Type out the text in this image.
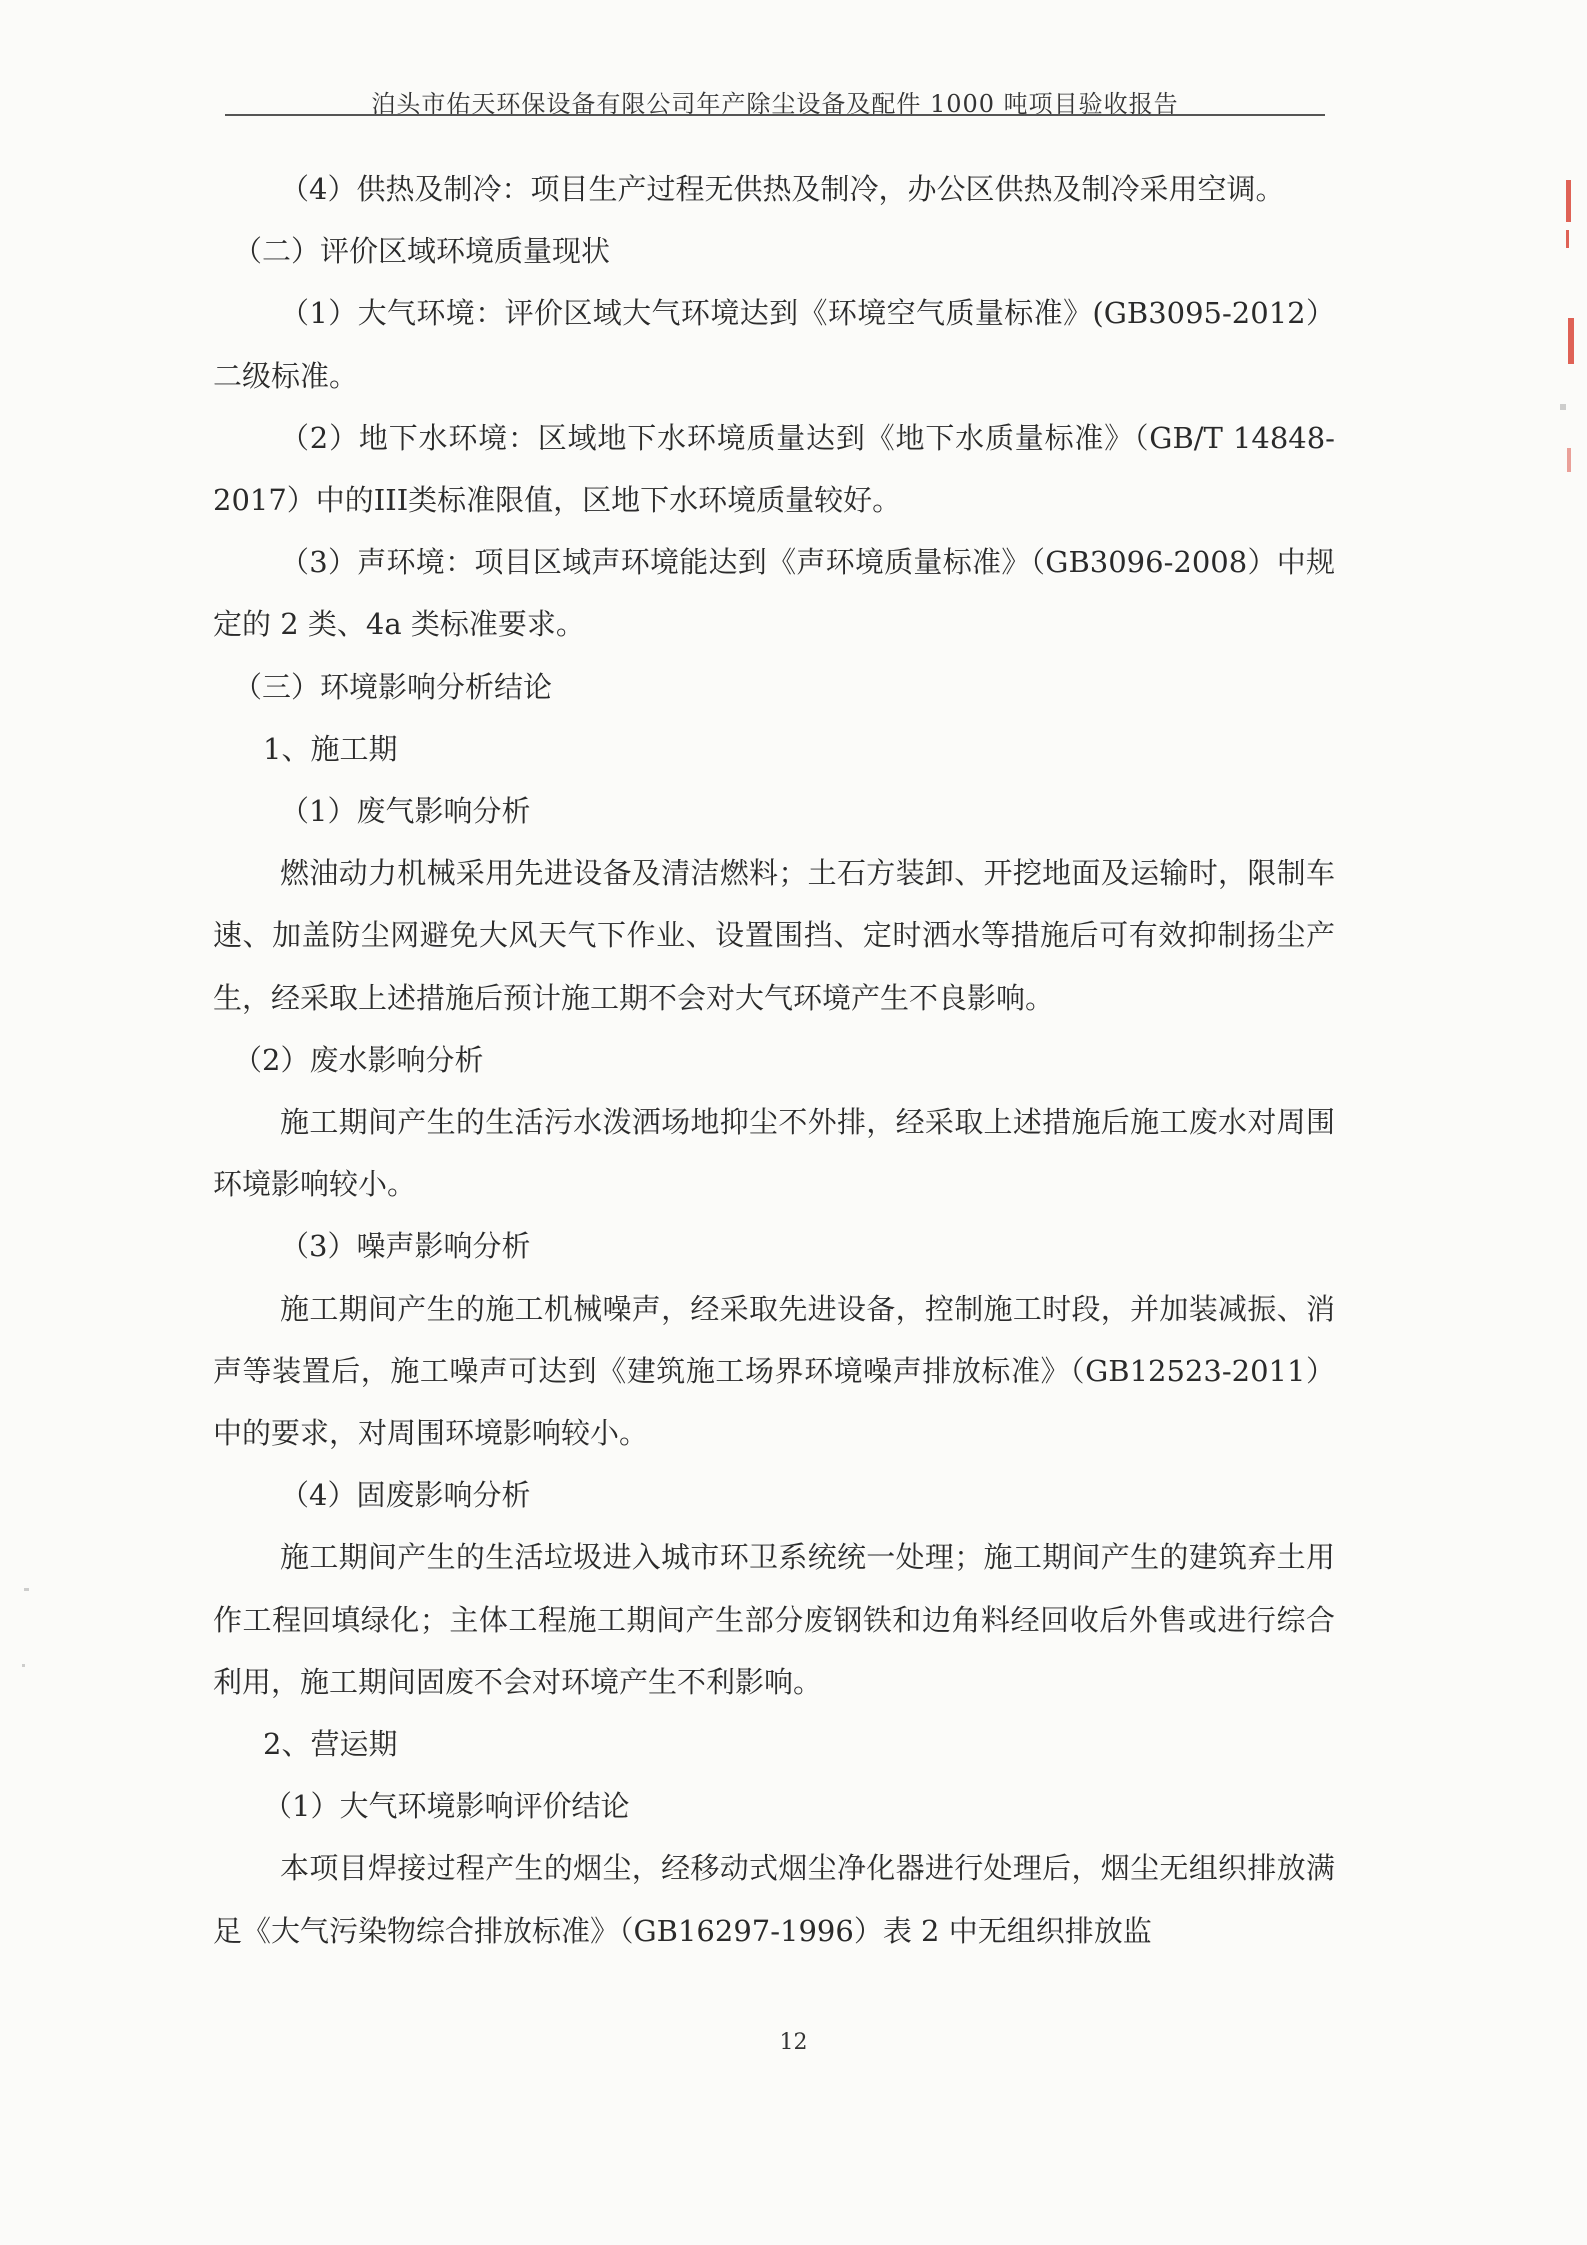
泊头市佑天环保设备有限公司年产除尘设备及配件 1000 吨项目验收报告

（4）供热及制冷：项目生产过程无供热及制冷，办公区供热及制冷采用空调。

（二）评价区域环境质量现状

（1）大气环境：评价区域大气环境达到《环境空气质量标准》(GB3095-2012）二级标准。

（2）地下水环境：区域地下水环境质量达到《地下水质量标准》（GB/T 14848-2017）中的III类标准限值，区地下水环境质量较好。

（3）声环境：项目区域声环境能达到《声环境质量标准》（GB3096-2008）中规定的 2 类、4a 类标准要求。

（三）环境影响分析结论

1、施工期

（1）废气影响分析

燃油动力机械采用先进设备及清洁燃料；土石方装卸、开挖地面及运输时，限制车速、加盖防尘网避免大风天气下作业、设置围挡、定时洒水等措施后可有效抑制扬尘产生，经采取上述措施后预计施工期不会对大气环境产生不良影响。

（2）废水影响分析

施工期间产生的生活污水泼洒场地抑尘不外排，经采取上述措施后施工废水对周围环境影响较小。

（3）噪声影响分析

施工期间产生的施工机械噪声，经采取先进设备，控制施工时段，并加装减振、消声等装置后，施工噪声可达到《建筑施工场界环境噪声排放标准》（GB12523-2011）中的要求，对周围环境影响较小。

（4）固废影响分析

施工期间产生的生活垃圾进入城市环卫系统统一处理；施工期间产生的建筑弃土用作工程回填绿化；主体工程施工期间产生部分废钢铁和边角料经回收后外售或进行综合利用，施工期间固废不会对环境产生不利影响。

2、营运期

（1）大气环境影响评价结论

本项目焊接过程产生的烟尘，经移动式烟尘净化器进行处理后，烟尘无组织排放满足《大气污染物综合排放标准》（GB16297-1996）表 2 中无组织排放监

12
